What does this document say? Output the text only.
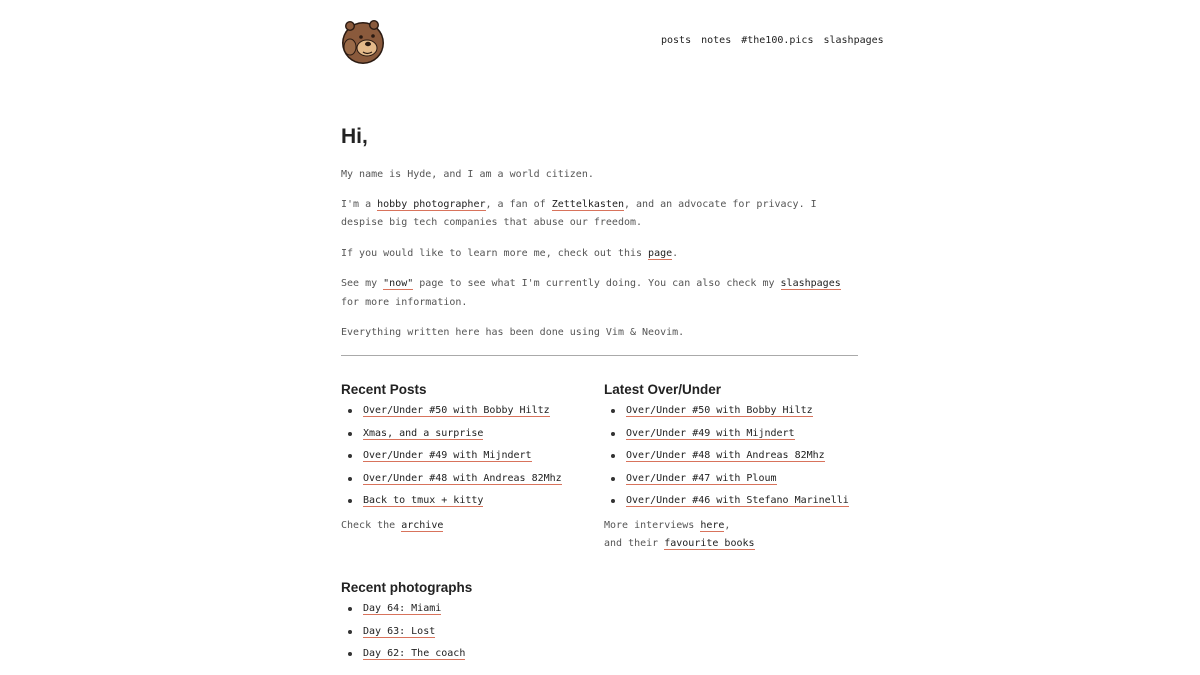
posts notes #the100.pics slashpages
Hi,

My name is Hyde, and I am a world citizen.

I'm a hobby photographer, a fan of Zettelkasten, and an advocate for privacy. I despise big tech companies that abuse our freedom.

If you would like to learn more me, check out this page.

See my "now" page to see what I'm currently doing. You can also check my slashpages for more information.

Everything written here has been done using Vim & Neovim.

Recent Posts
Over/Under #50 with Bobby Hiltz
Xmas, and a surprise
Over/Under #49 with Mijndert
Over/Under #48 with Andreas 82Mhz
Back to tmux + kitty
Check the archive
Latest Over/Under
Over/Under #50 with Bobby Hiltz
Over/Under #49 with Mijndert
Over/Under #48 with Andreas 82Mhz
Over/Under #47 with Ploum
Over/Under #46 with Stefano Marinelli
More interviews here,
and their favourite books
Recent photographs
Day 64: Miami
Day 63: Lost
Day 62: The coach
